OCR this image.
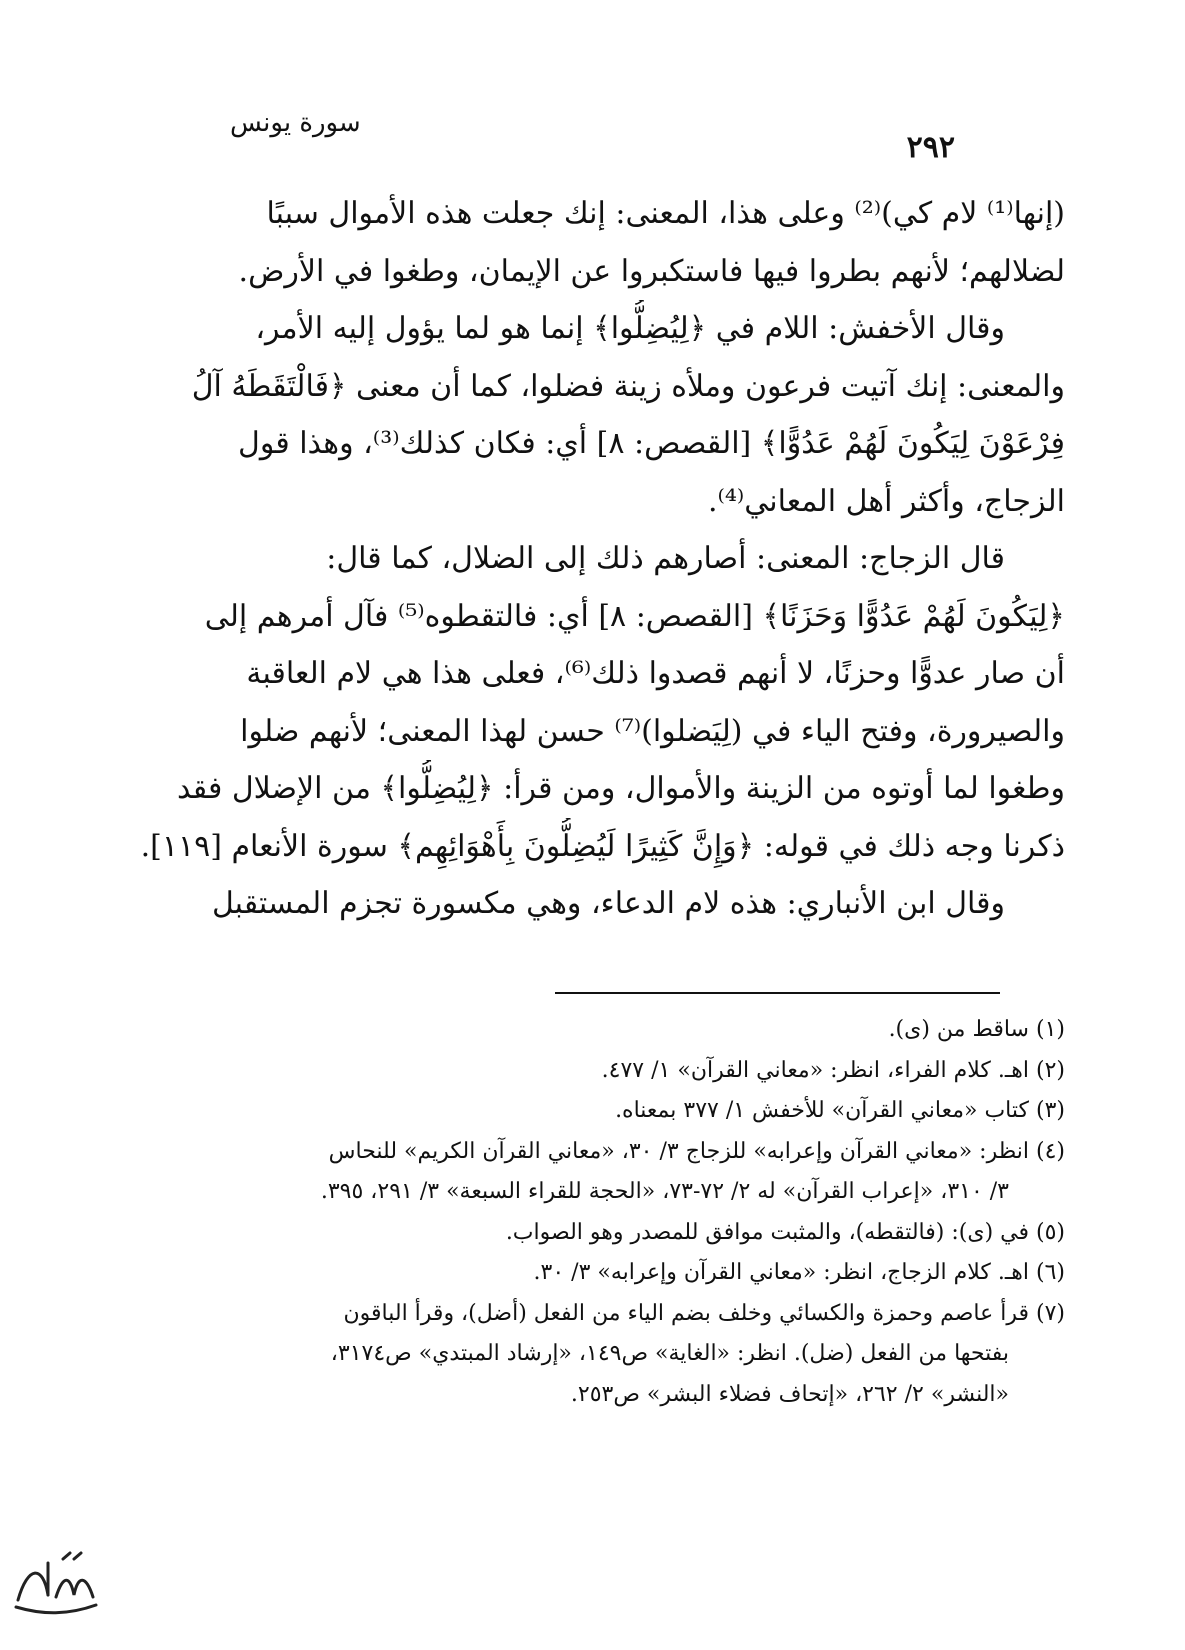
٢٩٢
سورة يونس
(إنها⁽¹⁾ لام كي)⁽²⁾ وعلى هذا، المعنى: إنك جعلت هذه الأموال سببًا
لضلالهم؛ لأنهم بطروا فيها فاستكبروا عن الإيمان، وطغوا في الأرض.
وقال الأخفش: اللام في ﴿لِيُضِلُّوا﴾ إنما هو لما يؤول إليه الأمر،
والمعنى: إنك آتيت فرعون وملأه زينة فضلوا، كما أن معنى ﴿فَالْتَقَطَهُ آلُ
فِرْعَوْنَ لِيَكُونَ لَهُمْ عَدُوًّا﴾ [القصص: ٨] أي: فكان كذلك⁽³⁾، وهذا قول
الزجاج، وأكثر أهل المعاني⁽⁴⁾.
قال الزجاج: المعنى: أصارهم ذلك إلى الضلال، كما قال:
﴿لِيَكُونَ لَهُمْ عَدُوًّا وَحَزَنًا﴾ [القصص: ٨] أي: فالتقطوه⁽⁵⁾ فآل أمرهم إلى
أن صار عدوًّا وحزنًا، لا أنهم قصدوا ذلك⁽⁶⁾، فعلى هذا هي لام العاقبة
والصيرورة، وفتح الياء في (لِيَضلوا)⁽⁷⁾ حسن لهذا المعنى؛ لأنهم ضلوا
وطغوا لما أوتوه من الزينة والأموال، ومن قرأ: ﴿لِيُضِلُّوا﴾ من الإضلال فقد
ذكرنا وجه ذلك في قوله: ﴿وَإِنَّ كَثِيرًا لَيُضِلُّونَ بِأَهْوَائِهِم﴾ سورة الأنعام [١١٩].
وقال ابن الأنباري: هذه لام الدعاء، وهي مكسورة تجزم المستقبل
(١) ساقط من (ى).
(٢) اهـ. كلام الفراء، انظر: «معاني القرآن» ١/ ٤٧٧.
(٣) كتاب «معاني القرآن» للأخفش ١/ ٣٧٧ بمعناه.
(٤) انظر: «معاني القرآن وإعرابه» للزجاج ٣/ ٣٠، «معاني القرآن الكريم» للنحاس
٣/ ٣١٠، «إعراب القرآن» له ٢/ ٧٢-٧٣، «الحجة للقراء السبعة» ٣/ ٢٩١، ٣٩٥.
(٥) في (ى): (فالتقطه)، والمثبت موافق للمصدر وهو الصواب.
(٦) اهـ. كلام الزجاج، انظر: «معاني القرآن وإعرابه» ٣/ ٣٠.
(٧) قرأ عاصم وحمزة والكسائي وخلف بضم الياء من الفعل (أضل)، وقرأ الباقون
بفتحها من الفعل (ضل). انظر: «الغاية» ص١٤٩، «إرشاد المبتدي» ص٣١٧٤،
«النشر» ٢/ ٢٦٢، «إتحاف فضلاء البشر» ص٢٥٣.
